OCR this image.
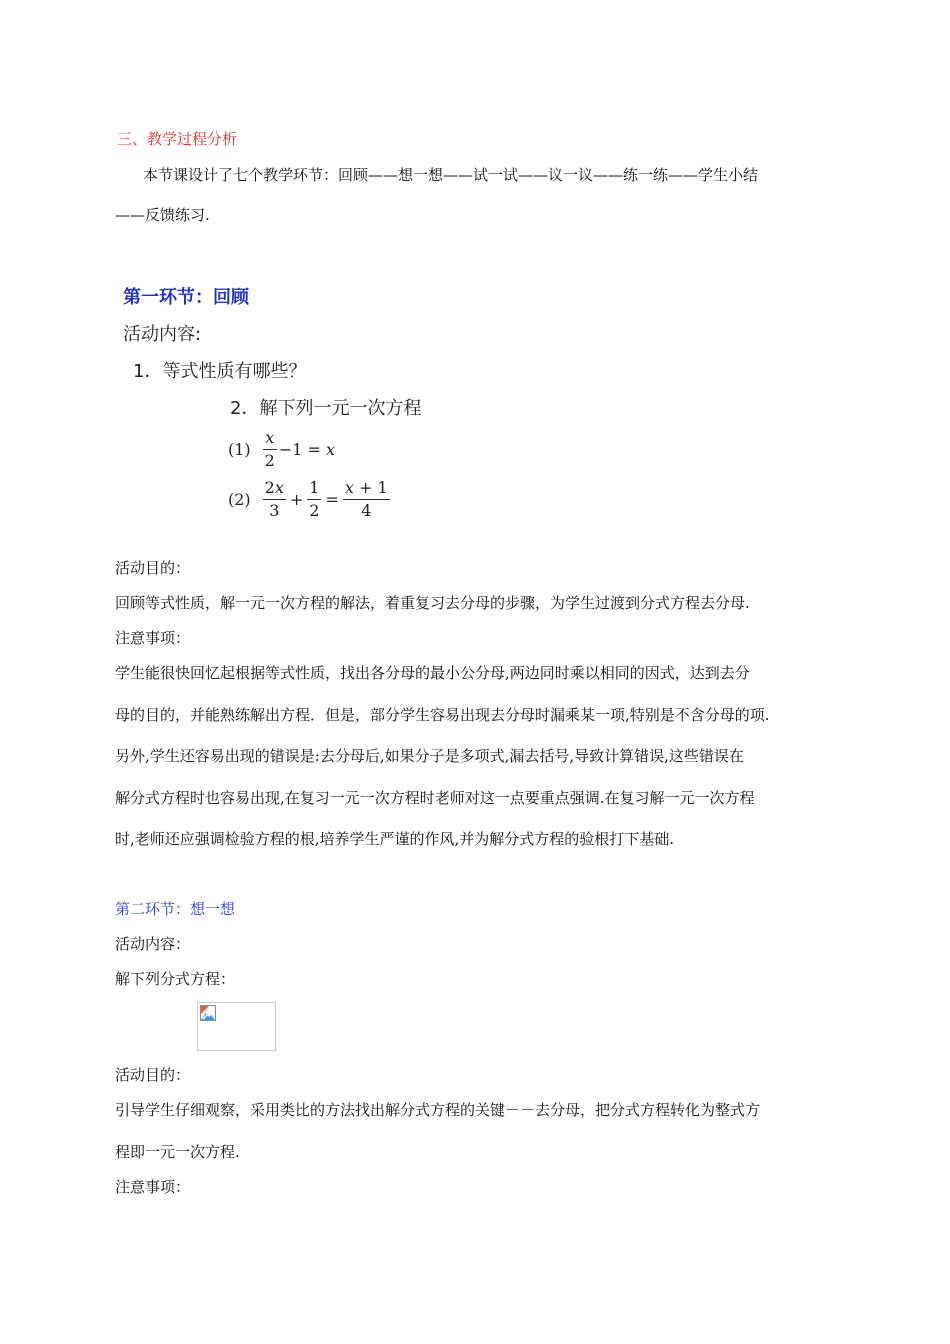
三、教学过程分析
本节课设计了七个教学环节：回顾——想一想——试一试——议一议——练一练——学生小结
——反馈练习.
第一环节：回顾
活动内容:
1．等式性质有哪些？
2．解下列一元一次方程
$(1) \frac{x}{2} -1 = x$
$(2) \frac{2x}{3} + \frac{1}{2} = \frac{x + 1}{4}$
活动目的：
回顾等式性质，解一元一次方程的解法，着重复习去分母的步骤，为学生过渡到分式方程去分母.
注意事项：
学生能很快回忆起根据等式性质，找出各分母的最小公分母,两边同时乘以相同的因式，达到去分
母的目的，并能熟练解出方程．但是，部分学生容易出现去分母时漏乘某一项,特别是不含分母的项.
另外,学生还容易出现的错误是:去分母后,如果分子是多项式,漏去括号,导致计算错误,这些错误在
解分式方程时也容易出现,在复习一元一次方程时老师对这一点要重点强调.在复习解一元一次方程
时,老师还应强调检验方程的根,培养学生严谨的作风,并为解分式方程的验根打下基础.
第二环节：想一想
活动内容：
解下列分式方程：
活动目的：
引导学生仔细观察，采用类比的方法找出解分式方程的关键－－去分母，把分式方程转化为整式方
程即一元一次方程.
注意事项：
